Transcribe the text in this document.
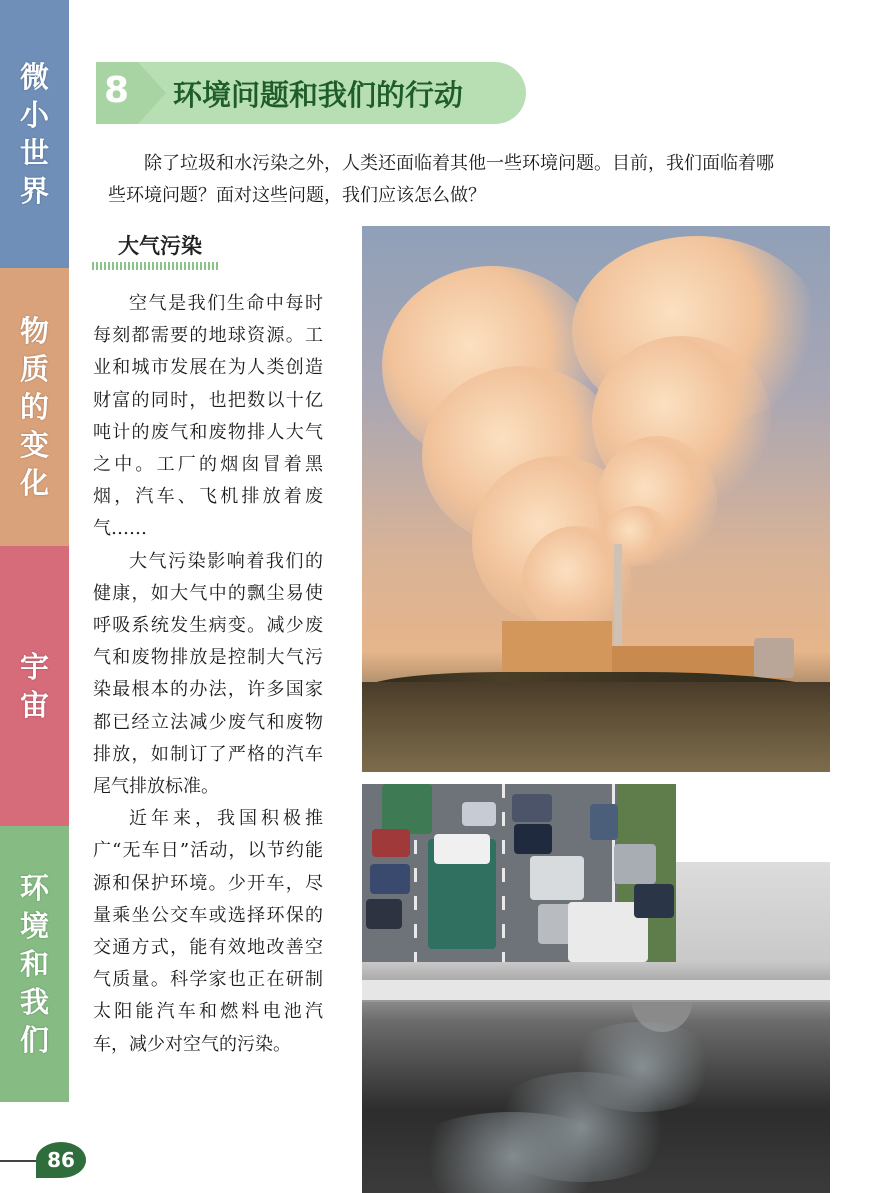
微
小
世
界
物
质
的
变
化
宇
宙
环
境
和
我
们
8 环境问题和我们的行动
除了垃圾和水污染之外，人类还面临着其他一些环境问题。目前，我们面临着哪些环境问题？面对这些问题，我们应该怎么做？
大气污染

空气是我们生命中每时每刻都需要的地球资源。工业和城市发展在为人类创造财富的同时，也把数以十亿吨计的废气和废物排人大气之中。工厂的烟囱冒着黑烟，汽车、飞机排放着废气……

大气污染影响着我们的健康，如大气中的飘尘易使呼吸系统发生病变。减少废气和废物排放是控制大气污染最根本的办法，许多国家都已经立法减少废气和废物排放，如制订了严格的汽车尾气排放标准。

近年来，我国积极推广“无车日”活动，以节约能源和保护环境。少开车，尽量乘坐公交车或选择环保的交通方式，能有效地改善空气质量。科学家也正在研制太阳能汽车和燃料电池汽车，减少对空气的污染。

86
